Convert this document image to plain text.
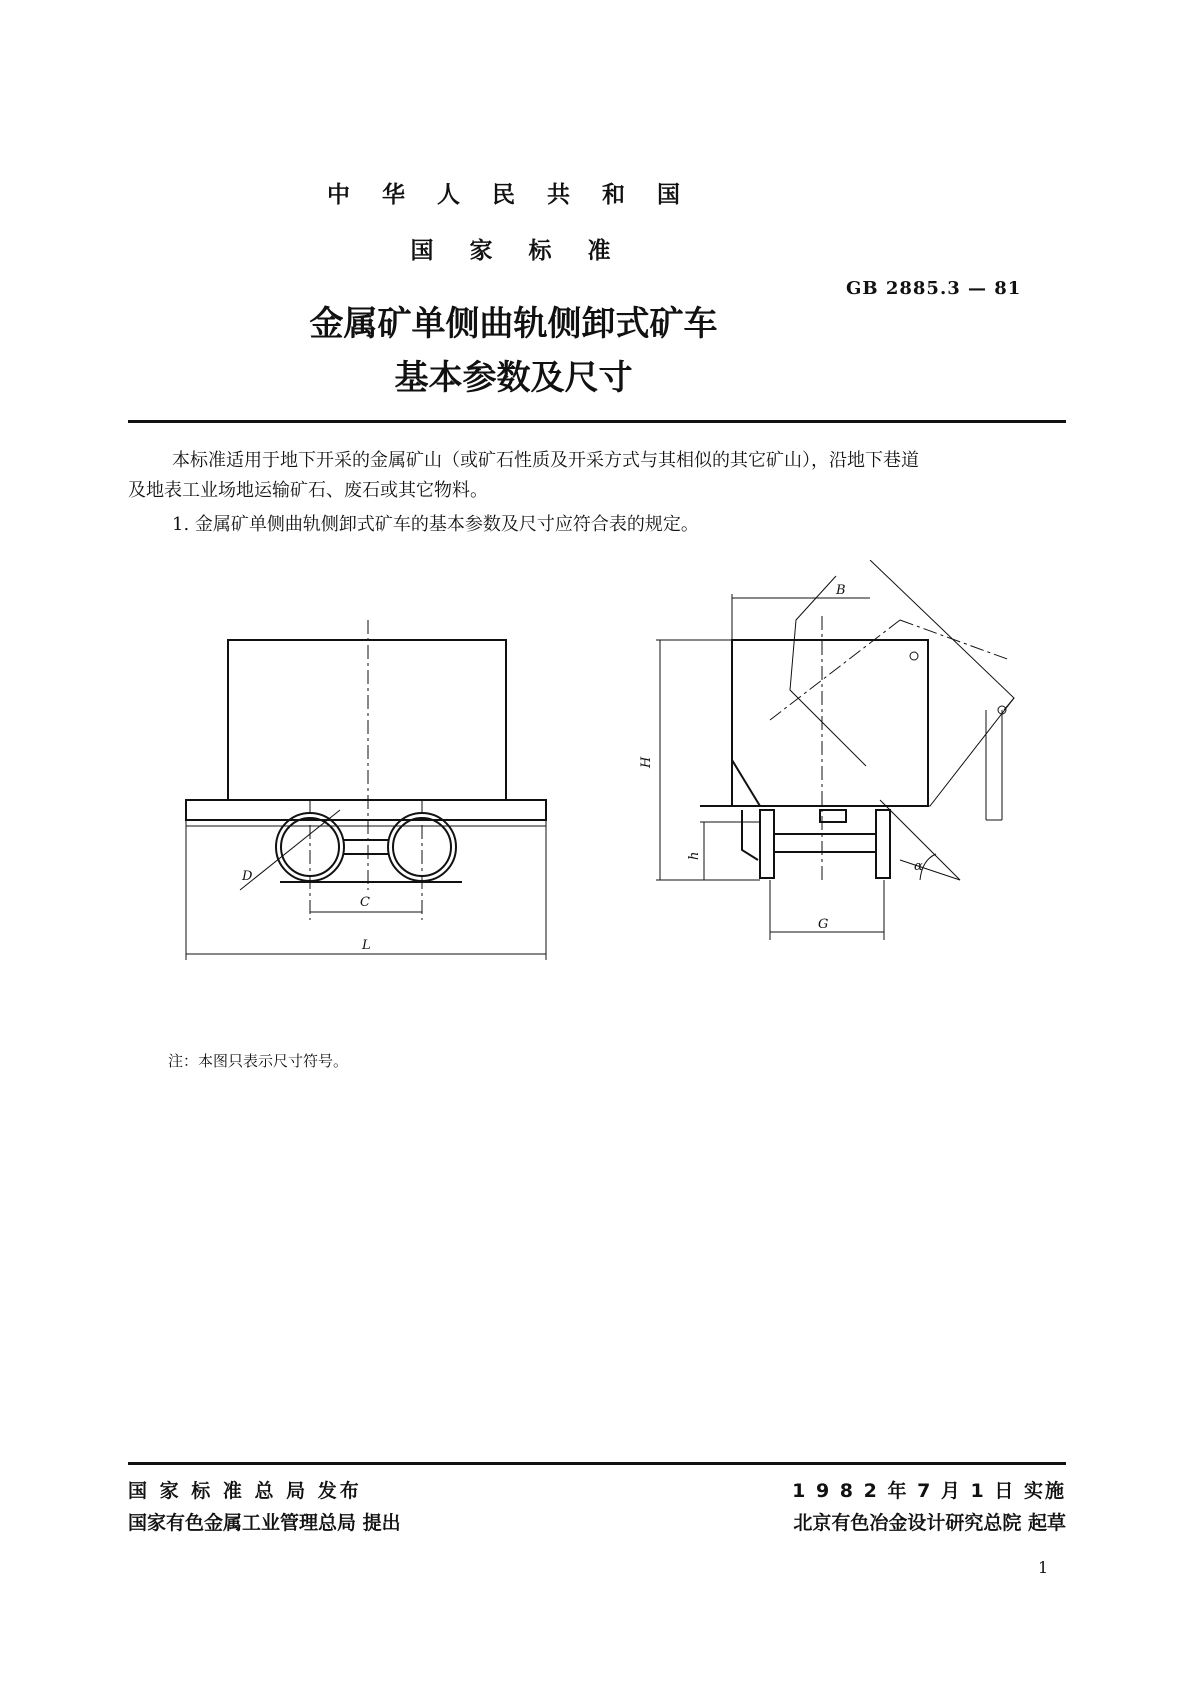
中 华 人 民 共 和 国
国 家 标 准
GB 2885.3 — 81
金属矿单侧曲轨侧卸式矿车
基本参数及尺寸
本标准适用于地下开采的金属矿山（或矿石性质及开采方式与其相似的其它矿山），沿地下巷道
及地表工业场地运输矿石、废石或其它物料。
1. 金属矿单侧曲轨侧卸式矿车的基本参数及尺寸应符合表的规定。
B
H
h
α
G
D
C
L
注：本图只表示尺寸符号。
国 家 标 准 总 局 发布
国家有色金属工业管理总局 提出
1 9 8 2 年 7 月 1 日 实施
北京有色冶金设计研究总院 起草
1
